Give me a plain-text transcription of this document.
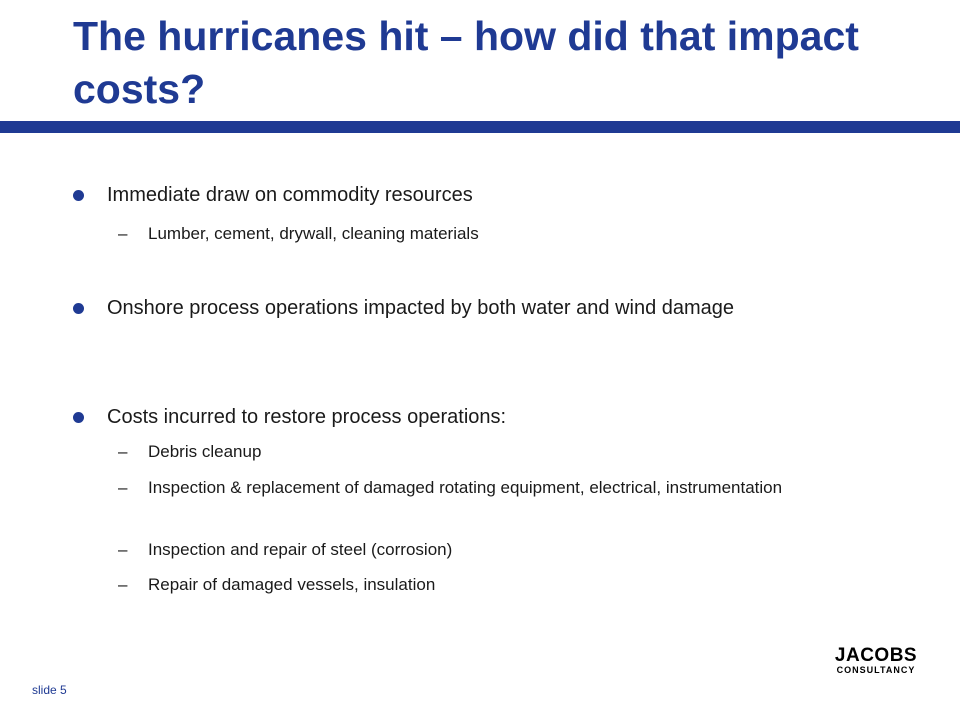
The hurricanes hit – how did that impact costs?
Immediate draw on commodity resources
– Lumber, cement, drywall, cleaning materials
Onshore process operations impacted by both water and wind damage
Costs incurred to restore process operations:
– Debris cleanup
– Inspection & replacement of damaged rotating equipment, electrical, instrumentation
– Inspection and repair of steel (corrosion)
– Repair of damaged vessels, insulation
JACOBS
CONSULTANCY
slide 5
